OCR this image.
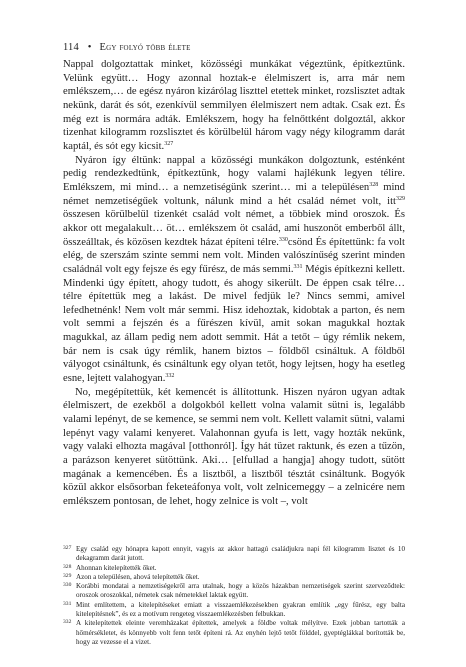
114 • Egy folyó több élete

Nappal dolgoztattak minket, közösségi munkákat végeztünk, építkeztünk. Velünk együtt… Hogy azonnal hoztak-e élelmiszert is, arra már nem emlékszem,… de egész nyáron kizárólag liszttel etettek minket, rozslisztet adtak nekünk, darát és sót, ezenkívül semmilyen élelmiszert nem adtak. Csak ezt. És még ezt is normára adták. Emlékszem, hogy ha felnőttként dolgoztál, akkor tizenhat kilogramm rozslisztet és körülbelül három vagy négy kilogramm darát kaptál, és sót egy kicsit.$^{327}$

Nyáron így éltünk: nappal a közösségi munkákon dolgoztunk, esténként pedig rendezkedtünk, építkeztünk, hogy valami hajlékunk legyen télire. Emlékszem, mi mind… a nemzetiségünk szerint… mi a településen$^{328}$ mind német nemzetiségűek voltunk, nálunk mind a hét család német volt, itt$^{329}$ összesen körülbelül tizenkét család volt német, a többiek mind oroszok. És akkor ott megalakult… öt… emlékszem öt család, ami huszonöt emberből állt, összeálltak, és közösen kezdtek házat építeni télre.$^{330}$csönd És építettünk: fa volt elég, de szerszám szinte semmi nem volt. Minden valószínűség szerint minden családnál volt egy fejsze és egy fűrész, de más semmi.$^{331}$ Mégis építkezni kellett. Mindenki úgy épített, ahogy tudott, és ahogy sikerült. De éppen csak télre… télre építettük meg a lakást. De mivel fedjük le? Nincs semmi, amivel lefedhetnénk! Nem volt már semmi. Hisz idehoztak, kidobtak a parton, és nem volt semmi a fejszén és a fűrészen kívül, amit sokan magukkal hoztak magukkal, az állam pedig nem adott semmit. Hát a tetőt – úgy rémlik nekem, bár nem is csak úgy rémlik, hanem biztos – földből csináltuk. A földből vályogot csináltunk, és csináltunk egy olyan tetőt, hogy lejtsen, hogy ha esetleg esne, lejtett valahogyan.$^{332}$

No, megépítettük, két kemencét is állítottunk. Hiszen nyáron ugyan adtak élelmiszert, de ezekből a dolgokból kellett volna valamit sütni is, legalább valami lepényt, de se kemence, se semmi nem volt. Kellett valamit sütni, valami lepényt vagy valami kenyeret. Valahonnan gyufa is lett, vagy hozták nekünk, vagy valaki elhozta magával [otthonról]. Így hát tüzet raktunk, és ezen a tűzön, a parázson kenyeret sütöttünk. Aki… [elfullad a hangja] ahogy tudott, sütött magának a kemencében. És a lisztből, a lisztből tésztát csináltunk. Bogyók közül akkor elsősorban feketeáfonya volt, volt zelnicemeggy – a zelnicére nem emlékszem pontosan, de lehet, hogy zelnice is volt –, volt

327 Egy család egy hónapra kapott ennyit, vagyis az akkor hattagú családjukra napi fél kilogramm lisztet és 10 dekagramm darát jutott.
328 Ahonnan kitelepítették őket.
329 Azon a településen, ahová telepítették őket.
330 Korábbi mondatai a nemzetiségekről arra utalnak, hogy a közös házakban nemzetiségek szerint szerveződtek: oroszok oroszokkal, németek csak németekkel laktak együtt.
331 Mint említettem, a kitelepítéseket emiatt a visszaemlékezésekben gyakran említik „egy fűrész, egy balta kitelepítésnek”, és ez a motívum rengeteg visszaemlékezésben felbukkan.
332 A kitelepítettek eleinte veremházakat építettek, amelyek a földbe voltak mélyítve. Ezek jobban tartották a hőmérsékletet, és könnyebb volt fenn tetőt építeni rá. Az enyhén lejtő tetőt földdel, gyeptéglákkal borították be, hogy az vezesse el a vizet.
